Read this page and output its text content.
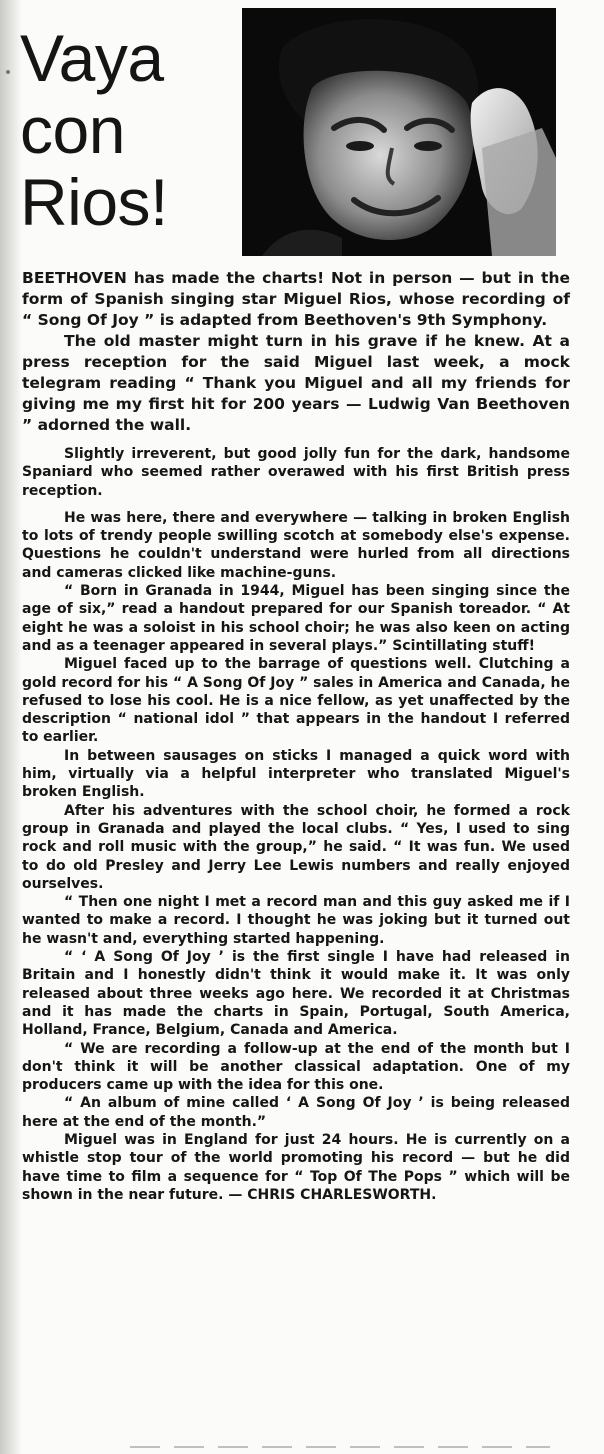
Vaya
con
Rios!

BEETHOVEN has made the charts! Not in person — but in the form of Spanish singing star Miguel Rios, whose recording of “ Song Of Joy ” is adapted from Beethoven's 9th Symphony.

The old master might turn in his grave if he knew. At a press reception for the said Miguel last week, a mock telegram reading “ Thank you Miguel and all my friends for giving me my first hit for 200 years — Ludwig Van Beethoven ” adorned the wall.

Slightly irreverent, but good jolly fun for the dark, handsome Spaniard who seemed rather overawed with his first British press reception.

He was here, there and everywhere — talking in broken English to lots of trendy people swilling scotch at somebody else's expense. Questions he couldn't understand were hurled from all directions and cameras clicked like machine-guns.

“ Born in Granada in 1944, Miguel has been singing since the age of six,” read a handout prepared for our Spanish toreador. “ At eight he was a soloist in his school choir; he was also keen on acting and as a teenager appeared in several plays.” Scintillating stuff!

Miguel faced up to the barrage of questions well. Clutching a gold record for his “ A Song Of Joy ” sales in America and Canada, he refused to lose his cool. He is a nice fellow, as yet unaffected by the description “ national idol ” that appears in the handout I referred to earlier.

In between sausages on sticks I managed a quick word with him, virtually via a helpful interpreter who translated Miguel's broken English.

After his adventures with the school choir, he formed a rock group in Granada and played the local clubs. “ Yes, I used to sing rock and roll music with the group,” he said. “ It was fun. We used to do old Presley and Jerry Lee Lewis numbers and really enjoyed ourselves.

“ Then one night I met a record man and this guy asked me if I wanted to make a record. I thought he was joking but it turned out he wasn't and, everything started happening.

“ ‘ A Song Of Joy ’ is the first single I have had released in Britain and I honestly didn't think it would make it. It was only released about three weeks ago here. We recorded it at Christmas and it has made the charts in Spain, Portugal, South America, Holland, France, Belgium, Canada and America.

“ We are recording a follow-up at the end of the month but I don't think it will be another classical adaptation. One of my producers came up with the idea for this one.

“ An album of mine called ‘ A Song Of Joy ’ is being released here at the end of the month.”

Miguel was in England for just 24 hours. He is currently on a whistle stop tour of the world promoting his record — but he did have time to film a sequence for “ Top Of The Pops ” which will be shown in the near future. — CHRIS CHARLESWORTH.
